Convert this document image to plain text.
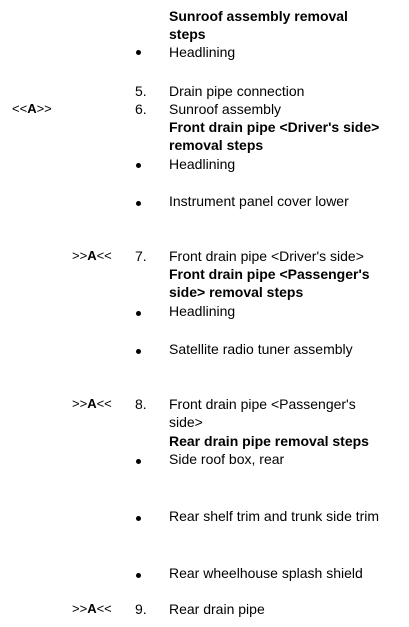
Sunroof assembly removal
steps
Headlining
5.	Drain pipe connection
<<A>>	6.	Sunroof assembly
Front drain pipe <Driver's side>
removal steps
Headlining
Instrument panel cover lower
>>A<< 7.	Front drain pipe <Driver's side>
Front drain pipe <Passenger's
side> removal steps
Headlining
Satellite radio tuner assembly
>>A<< 8.	Front drain pipe <Passenger's
side>
Rear drain pipe removal steps
Side roof box, rear
Rear shelf trim and trunk side trim
Rear wheelhouse splash shield
>>A<< 9.	Rear drain pipe
